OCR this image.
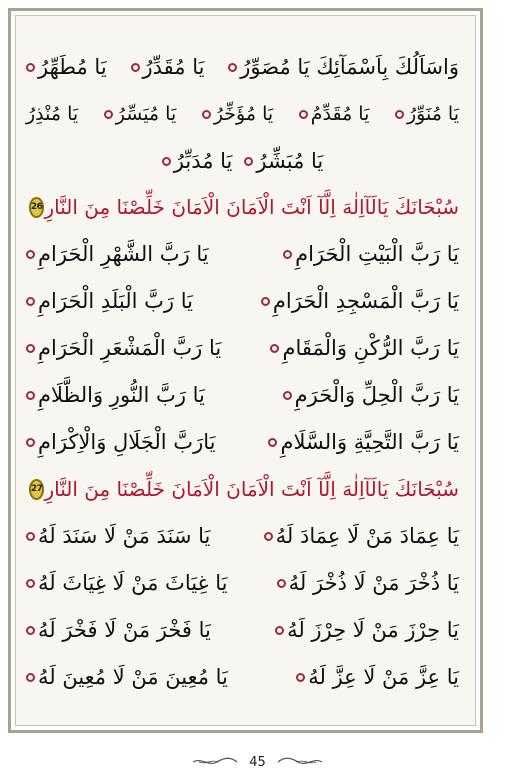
وَاسَاَلُكَ بِاَسْمَآئِكَ يَا مُصَوِّرُ
يَا مُقَدِّرُ
يَا مُطَهِّرُ
يَا مُنَوِّرُ
يَا مُقَدِّمُ
يَا مُؤَخِّرُ
يَا مُيَسِّرُ
يَا مُنْذِرُ
يَا مُبَشِّرُ
يَا مُدَبِّرُ
سُبْحَانَكَ يَالَآاِلٰهَ اِلَّآ اَنْتَ الْاَمَانَ الْاَمَانَ خَلِّصْنَا مِنَ النَّارِ
26
يَا رَبَّ الْبَيْتِ الْحَرَامِ
يَا رَبَّ الشَّهْرِ الْحَرَامِ
يَا رَبَّ الْمَسْجِدِ الْحَرَامِ
يَا رَبَّ الْبَلَدِ الْحَرَامِ
يَا رَبَّ الرُّكْنِ وَالْمَقَامِ
يَا رَبَّ الْمَشْعَرِ الْحَرَامِ
يَا رَبَّ الْحِلِّ وَالْحَرَمِ
يَا رَبَّ النُّورِ وَالظَّلَامِ
يَا رَبَّ التَّحِيَّةِ وَالسَّلَامِ
يَارَبَّ الْجَلَالِ وَالْاِكْرَامِ
سُبْحَانَكَ يَالَآاِلٰهَ اِلَّآ اَنْتَ الْاَمَانَ الْاَمَانَ خَلِّصْنَا مِنَ النَّارِ
27
يَا عِمَادَ مَنْ لَا عِمَادَ لَهُ
يَا سَنَدَ مَنْ لَا سَنَدَ لَهُ
يَا ذُخْرَ مَنْ لَا ذُخْرَ لَهُ
يَا غِيَاثَ مَنْ لَا غِيَاثَ لَهُ
يَا حِرْزَ مَنْ لَا حِرْزَ لَهُ
يَا فَخْرَ مَنْ لَا فَخْرَ لَهُ
يَا عِزَّ مَنْ لَا عِزَّ لَهُ
يَا مُعِينَ مَنْ لَا مُعِينَ لَهُ
45
